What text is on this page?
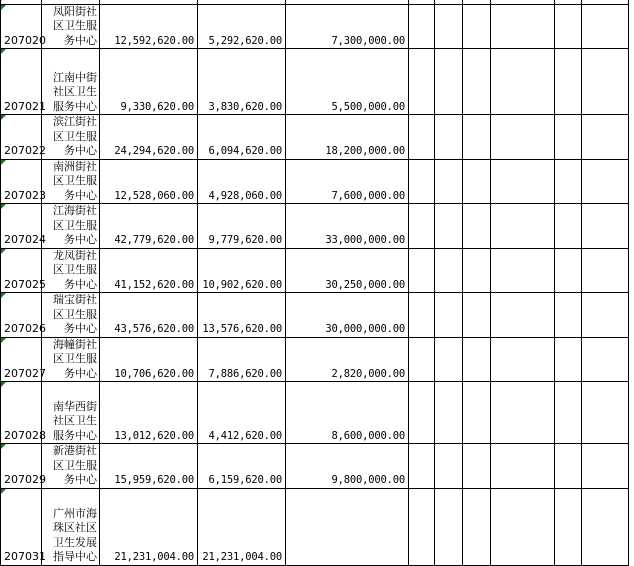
207020	凤阳街社区卫生服务中心	12,592,620.00	5,292,620.00	7,300,000.00						
207021	江南中街社区卫生服务中心	9,330,620.00	3,830,620.00	5,500,000.00						
207022	滨江街社区卫生服务中心	24,294,620.00	6,094,620.00	18,200,000.00						
207023	南洲街社区卫生服务中心	12,528,060.00	4,928,060.00	7,600,000.00						
207024	江海街社区卫生服务中心	42,779,620.00	9,779,620.00	33,000,000.00						
207025	龙凤街社区卫生服务中心	41,152,620.00	10,902,620.00	30,250,000.00						
207026	瑞宝街社区卫生服务中心	43,576,620.00	13,576,620.00	30,000,000.00						
207027	海幢街社区卫生服务中心	10,706,620.00	7,886,620.00	2,820,000.00						
207028	南华西街社区卫生服务中心	13,012,620.00	4,412,620.00	8,600,000.00						
207029	新港街社区卫生服务中心	15,959,620.00	6,159,620.00	9,800,000.00						
207031	广州市海珠区社区卫生发展指导中心	21,231,004.00	21,231,004.00							
